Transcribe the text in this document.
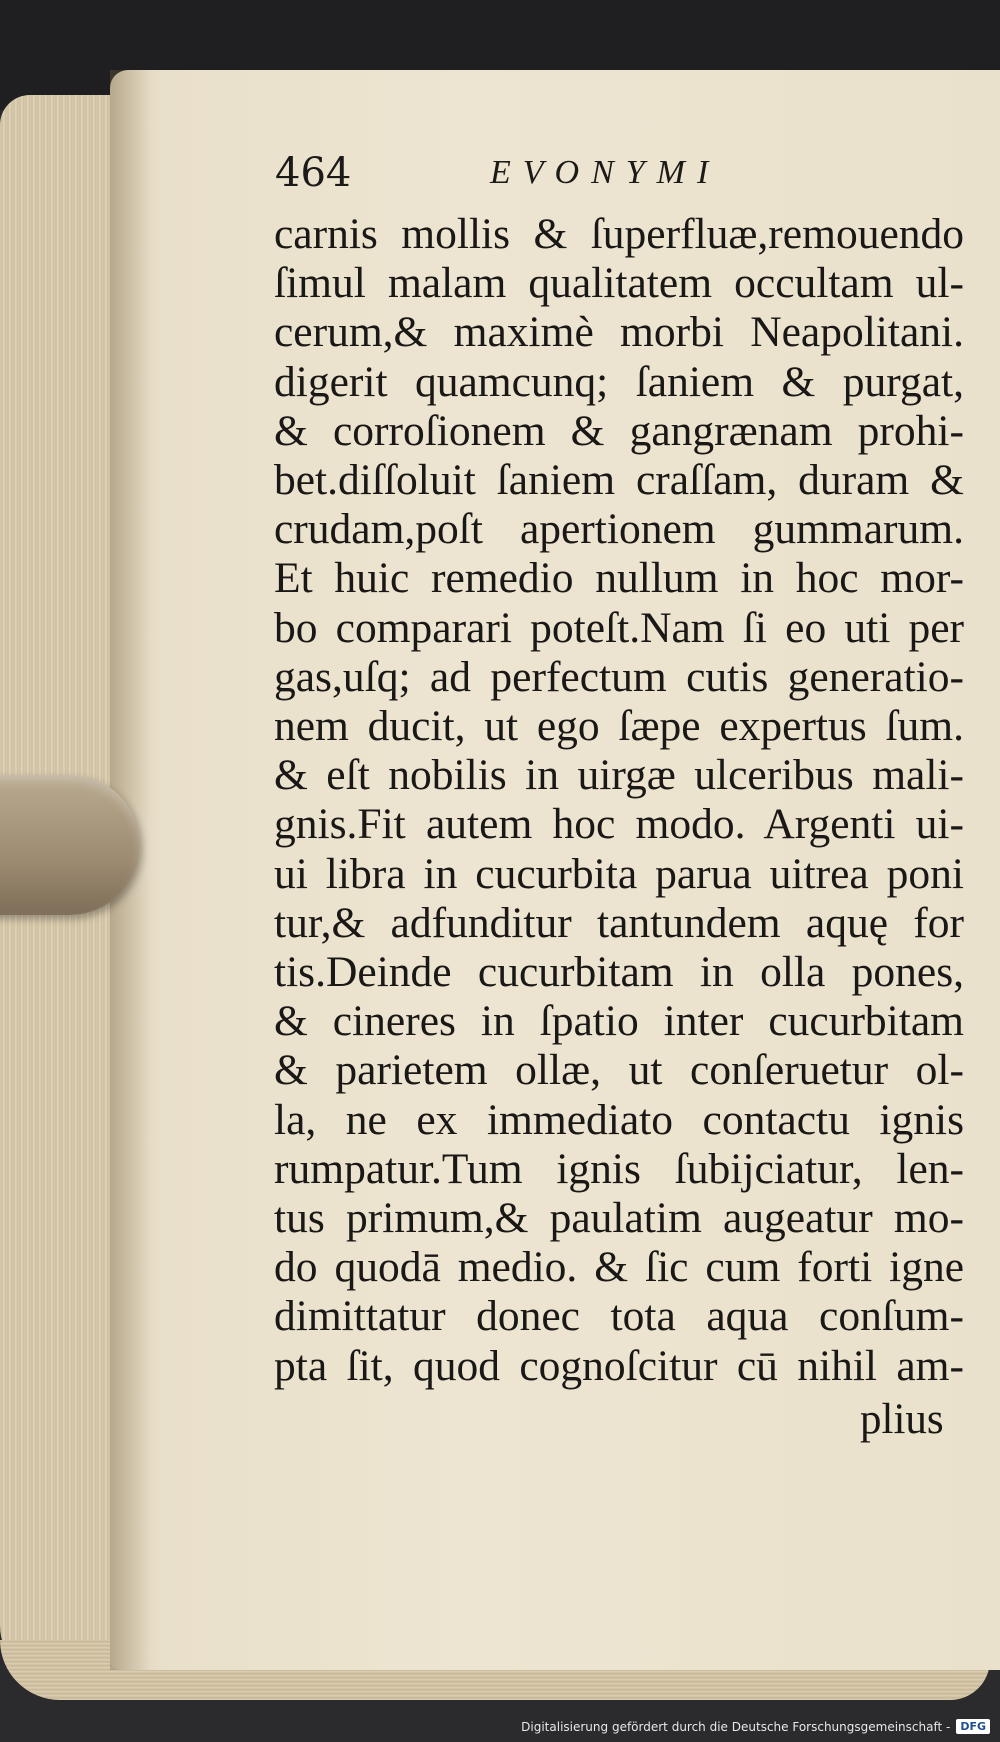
464	EVONYMI
carnis mollis & ſuperfluæ,remouendo
ſimul malam qualitatem occultam ul-
cerum,& maximè morbi Neapolitani.
digerit quamcunq; ſaniem & purgat,
& corroſionem & gangrænam prohi-
bet.diſſoluit ſaniem craſſam, duram &
crudam,poſt apertionem gummarum.
Et huic remedio nullum in hoc mor-
bo comparari poteſt.Nam ſi eo uti per
gas,uſq; ad perfectum cutis generatio-
nem ducit, ut ego ſæpe expertus ſum.
& eſt nobilis in uirgæ ulceribus mali-
gnis.Fit autem hoc modo. Argenti ui-
ui libra in cucurbita parua uitrea poni
tur,& adfunditur tantundem aquę for
tis.Deinde cucurbitam in olla pones,
& cineres in ſpatio inter cucurbitam
& parietem ollæ, ut conſeruetur ol-
la, ne ex immediato contactu ignis
rumpatur.Tum ignis ſubijciatur, len-
tus primum,& paulatim augeatur mo-
do quodā medio. & ſic cum forti igne
dimittatur donec tota aqua conſum-
pta ſit, quod cognoſcitur cū nihil am-
plius
Digitalisierung gefördert durch die Deutsche Forschungsgemeinschaft - DFG
